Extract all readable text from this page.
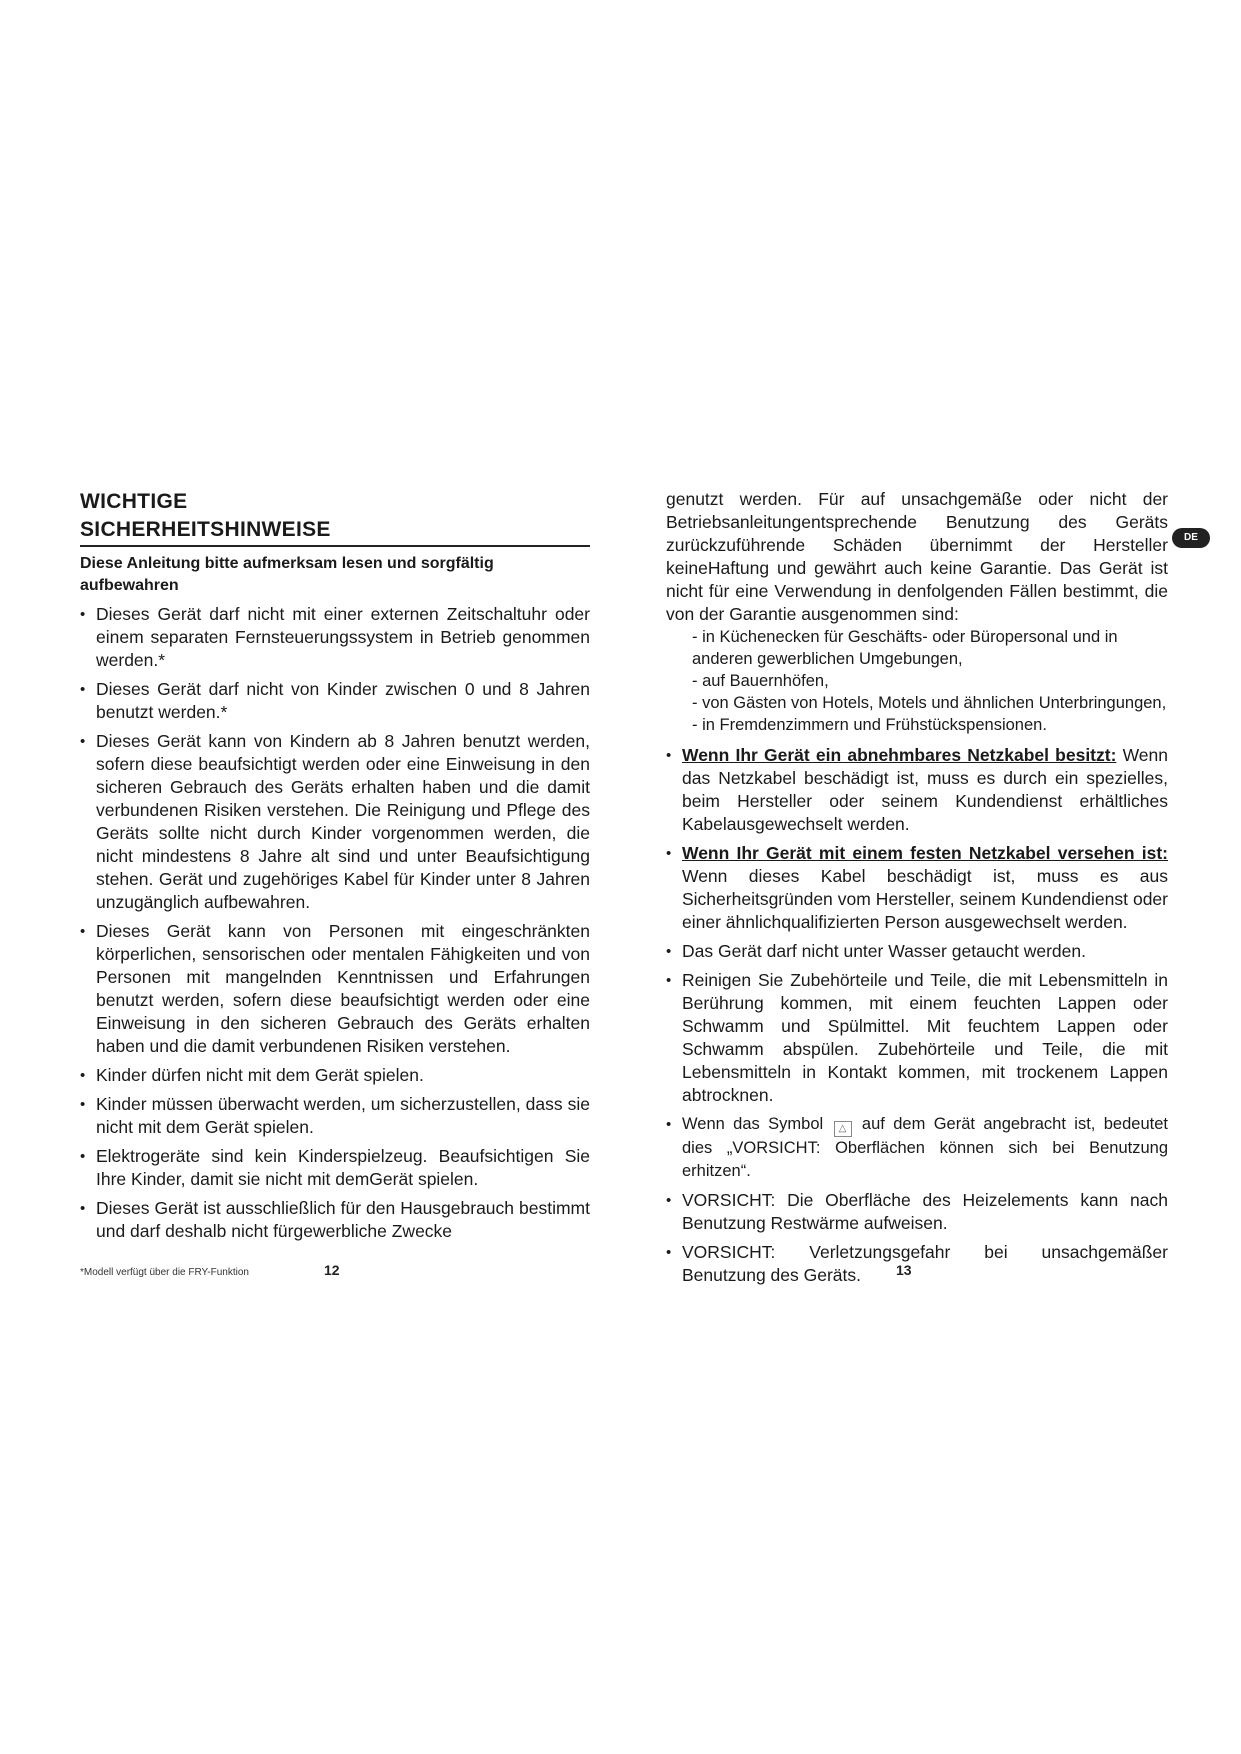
WICHTIGE
SICHERHEITSHINWEISE

Diese Anleitung bitte aufmerksam lesen und sorgfältig aufbewahren

• Dieses Gerät darf nicht mit einer externen Zeitschaltuhr oder einem separaten Fernsteuerungssystem in Betrieb genommen werden.*
• Dieses Gerät darf nicht von Kinder zwischen 0 und 8 Jahren benutzt werden.*
• Dieses Gerät kann von Kindern ab 8 Jahren benutzt werden, sofern diese beaufsichtigt werden oder eine Einweisung in den sicheren Gebrauch des Geräts erhalten haben und die damit verbundenen Risiken verstehen. Die Reinigung und Pflege des Geräts sollte nicht durch Kinder vorgenommen werden, die nicht mindestens 8 Jahre alt sind und unter Beaufsichtigung stehen. Gerät und zugehöriges Kabel für Kinder unter 8 Jahren unzugänglich aufbewahren.
• Dieses Gerät kann von Personen mit eingeschränkten körperlichen, sensorischen oder mentalen Fähigkeiten und von Personen mit mangelnden Kenntnissen und Erfahrungen benutzt werden, sofern diese beaufsichtigt werden oder eine Einweisung in den sicheren Gebrauch des Geräts erhalten haben und die damit verbundenen Risiken verstehen.
• Kinder dürfen nicht mit dem Gerät spielen.
• Kinder müssen überwacht werden, um sicherzustellen, dass sie nicht mit dem Gerät spielen.
• Elektrogeräte sind kein Kinderspielzeug. Beaufsichtigen Sie Ihre Kinder, damit sie nicht mit demGerät spielen.
• Dieses Gerät ist ausschließlich für den Hausgebrauch bestimmt und darf deshalb nicht fürgewerbliche Zwecke
*Modell verfügt über die FRY-Funktion	12

genutzt werden. Für auf unsachgemäße oder nicht der Betriebsanleitungentsprechende Benutzung des Geräts zurückzuführende Schäden übernimmt der Hersteller keineHaftung und gewährt auch keine Garantie. Das Gerät ist nicht für eine Verwendung in denfolgenden Fällen bestimmt, die von der Garantie ausgenommen sind:

- in Küchenecken für Geschäfts- oder Büropersonal und in anderen gewerblichen Umgebungen,
- auf Bauernhöfen,
- von Gästen von Hotels, Motels und ähnlichen Unterbringungen,
- in Fremdenzimmern und Frühstückspensionen.
• Wenn Ihr Gerät ein abnehmbares Netzkabel besitzt: Wenn das Netzkabel beschädigt ist, muss es durch ein spezielles, beim Hersteller oder seinem Kundendienst erhältliches Kabelausgewechselt werden.
• Wenn Ihr Gerät mit einem festen Netzkabel versehen ist: Wenn dieses Kabel beschädigt ist, muss es aus Sicherheitsgründen vom Hersteller, seinem Kundendienst oder einer ähnlichqualifizierten Person ausgewechselt werden.
• Das Gerät darf nicht unter Wasser getaucht werden.
• Reinigen Sie Zubehörteile und Teile, die mit Lebensmitteln in Berührung kommen, mit einem feuchten Lappen oder Schwamm und Spülmittel. Mit feuchtem Lappen oder Schwamm abspülen. Zubehörteile und Teile, die mit Lebensmitteln in Kontakt kommen, mit trockenem Lappen abtrocknen.
• Wenn das Symbol △ auf dem Gerät angebracht ist, bedeutet dies „VORSICHT: Oberflächen können sich bei Benutzung erhitzen“.
• VORSICHT: Die Oberfläche des Heizelements kann nach Benutzung Restwärme aufweisen.
• VORSICHT: Verletzungsgefahr bei unsachgemäßer Benutzung des Geräts.	13
DE
